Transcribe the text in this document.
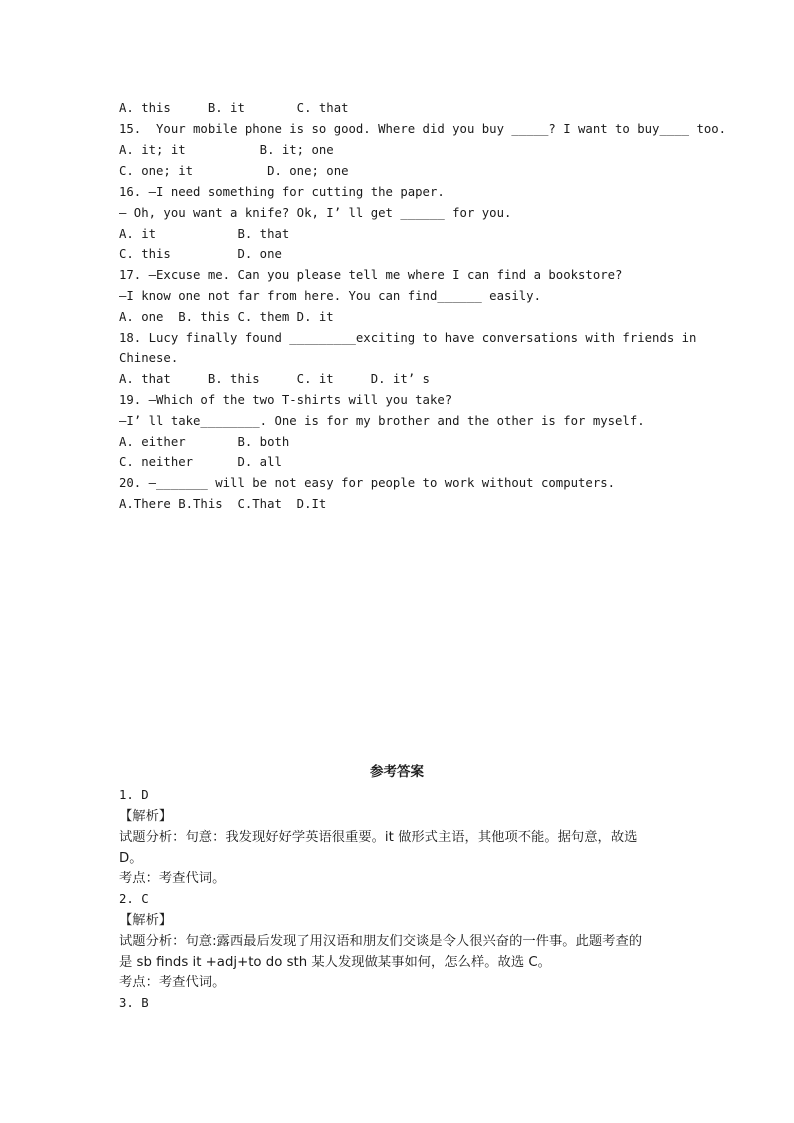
A. this     B. it       C. that

15.  Your mobile phone is so good. Where did you buy _____? I want to buy____ too.

A. it; it          B. it; one

C. one; it          D. one; one

16. —I need something for cutting the paper.

— Oh, you want a knife? Ok, I’ ll get ______ for you.

A. it           B. that

C. this         D. one

17. —Excuse me. Can you please tell me where I can find a bookstore?

—I know one not far from here. You can find______ easily.

A. one  B. this C. them D. it

18. Lucy finally found _________exciting to have conversations with friends in

Chinese.

A. that     B. this     C. it     D. it’ s

19. —Which of the two T-shirts will you take?

—I’ ll take________. One is for my brother and the other is for myself.

A. either       B. both

C. neither      D. all

20. —_______ will be not easy for people to work without computers.

A.There B.This  C.That  D.It

参考答案

1. D

【解析】

试题分析：句意：我发现好好学英语很重要。it 做形式主语，其他项不能。据句意，故选

D。

考点：考查代词。

2. C

【解析】

试题分析：句意:露西最后发现了用汉语和朋友们交谈是令人很兴奋的一件事。此题考查的

是 sb finds it +adj+to do sth 某人发现做某事如何，怎么样。故选 C。

考点：考查代词。

3. B
